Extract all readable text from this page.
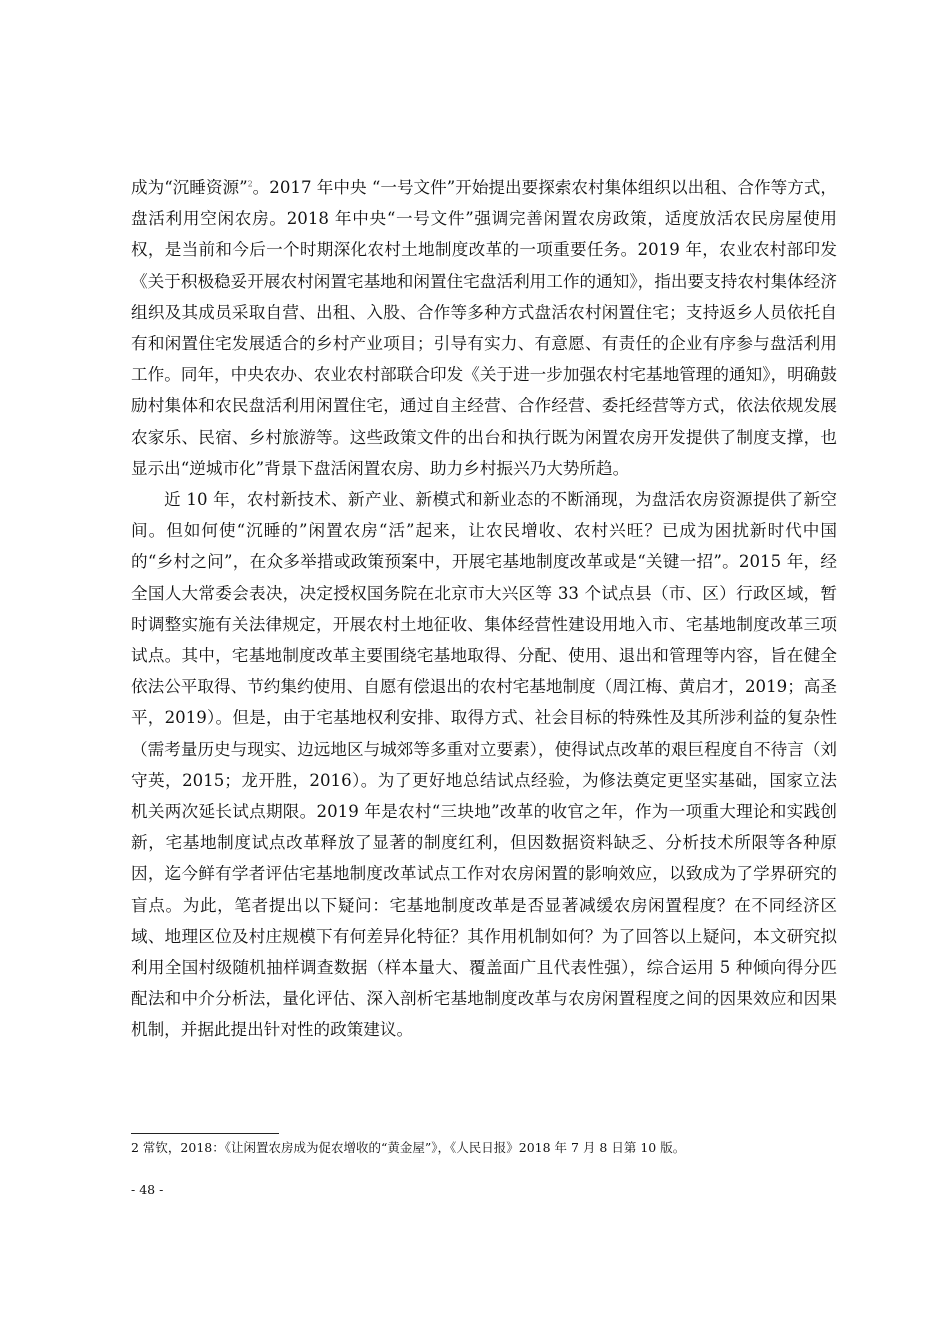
成为“沉睡资源”$^2$。2017 年中央 “一号文件”开始提出要探索农村集体组织以出租、合作等方式，盘活利用空闲农房。2018 年中央“一号文件”强调完善闲置农房政策，适度放活农民房屋使用权，是当前和今后一个时期深化农村土地制度改革的一项重要任务。2019 年，农业农村部印发《关于积极稳妥开展农村闲置宅基地和闲置住宅盘活利用工作的通知》，指出要支持农村集体经济组织及其成员采取自营、出租、入股、合作等多种方式盘活农村闲置住宅；支持返乡人员依托自有和闲置住宅发展适合的乡村产业项目；引导有实力、有意愿、有责任的企业有序参与盘活利用工作。同年，中央农办、农业农村部联合印发《关于进一步加强农村宅基地管理的通知》，明确鼓励村集体和农民盘活利用闲置住宅，通过自主经营、合作经营、委托经营等方式，依法依规发展农家乐、民宿、乡村旅游等。这些政策文件的出台和执行既为闲置农房开发提供了制度支撑，也显示出“逆城市化”背景下盘活闲置农房、助力乡村振兴乃大势所趋。

近 10 年，农村新技术、新产业、新模式和新业态的不断涌现，为盘活农房资源提供了新空间。但如何使“沉睡的”闲置农房“活”起来，让农民增收、农村兴旺？已成为困扰新时代中国的“乡村之问”，在众多举措或政策预案中，开展宅基地制度改革或是“关键一招”。2015 年，经全国人大常委会表决，决定授权国务院在北京市大兴区等 33 个试点县（市、区）行政区域，暂时调整实施有关法律规定，开展农村土地征收、集体经营性建设用地入市、宅基地制度改革三项试点。其中，宅基地制度改革主要围绕宅基地取得、分配、使用、退出和管理等内容，旨在健全依法公平取得、节约集约使用、自愿有偿退出的农村宅基地制度（周江梅、黄启才，2019；高圣平，2019）。但是，由于宅基地权利安排、取得方式、社会目标的特殊性及其所涉利益的复杂性（需考量历史与现实、边远地区与城郊等多重对立要素），使得试点改革的艰巨程度自不待言（刘守英，2015；龙开胜，2016）。为了更好地总结试点经验，为修法奠定更坚实基础，国家立法机关两次延长试点期限。2019 年是农村“三块地”改革的收官之年，作为一项重大理论和实践创新，宅基地制度试点改革释放了显著的制度红利，但因数据资料缺乏、分析技术所限等各种原因，迄今鲜有学者评估宅基地制度改革试点工作对农房闲置的影响效应，以致成为了学界研究的盲点。为此，笔者提出以下疑问：宅基地制度改革是否显著减缓农房闲置程度？在不同经济区域、地理区位及村庄规模下有何差异化特征？其作用机制如何？为了回答以上疑问，本文研究拟利用全国村级随机抽样调查数据（样本量大、覆盖面广且代表性强），综合运用 5 种倾向得分匹配法和中介分析法，量化评估、深入剖析宅基地制度改革与农房闲置程度之间的因果效应和因果机制，并据此提出针对性的政策建议。

2 常钦，2018：《让闲置农房成为促农增收的“黄金屋”》，《人民日报》2018 年 7 月 8 日第 10 版。
- 48 -
